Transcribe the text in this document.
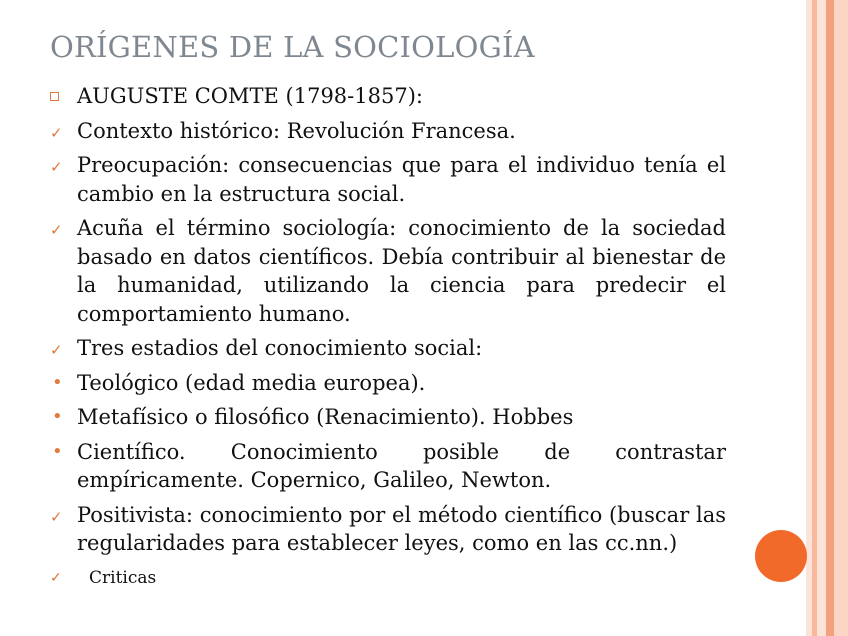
ORÍGENES DE LA SOCIOLOGÍA
AUGUSTE COMTE (1798-1857):
✓ Contexto histórico: Revolución Francesa.
✓ Preocupación: consecuencias que para el individuo tenía el cambio en la estructura social.
✓ Acuña el término sociología: conocimiento de la sociedad basado en datos científicos. Debía contribuir al bienestar de la humanidad, utilizando la ciencia para predecir el comportamiento humano.
✓ Tres estadios del conocimiento social:
• Teológico (edad media europea).
• Metafísico o filosófico (Renacimiento). Hobbes
• Científico. Conocimiento posible de contrastar empíricamente. Copernico, Galileo, Newton.
✓ Positivista: conocimiento por el método científico (buscar las regularidades para establecer leyes, como en las cc.nn.)
✓ Criticas
